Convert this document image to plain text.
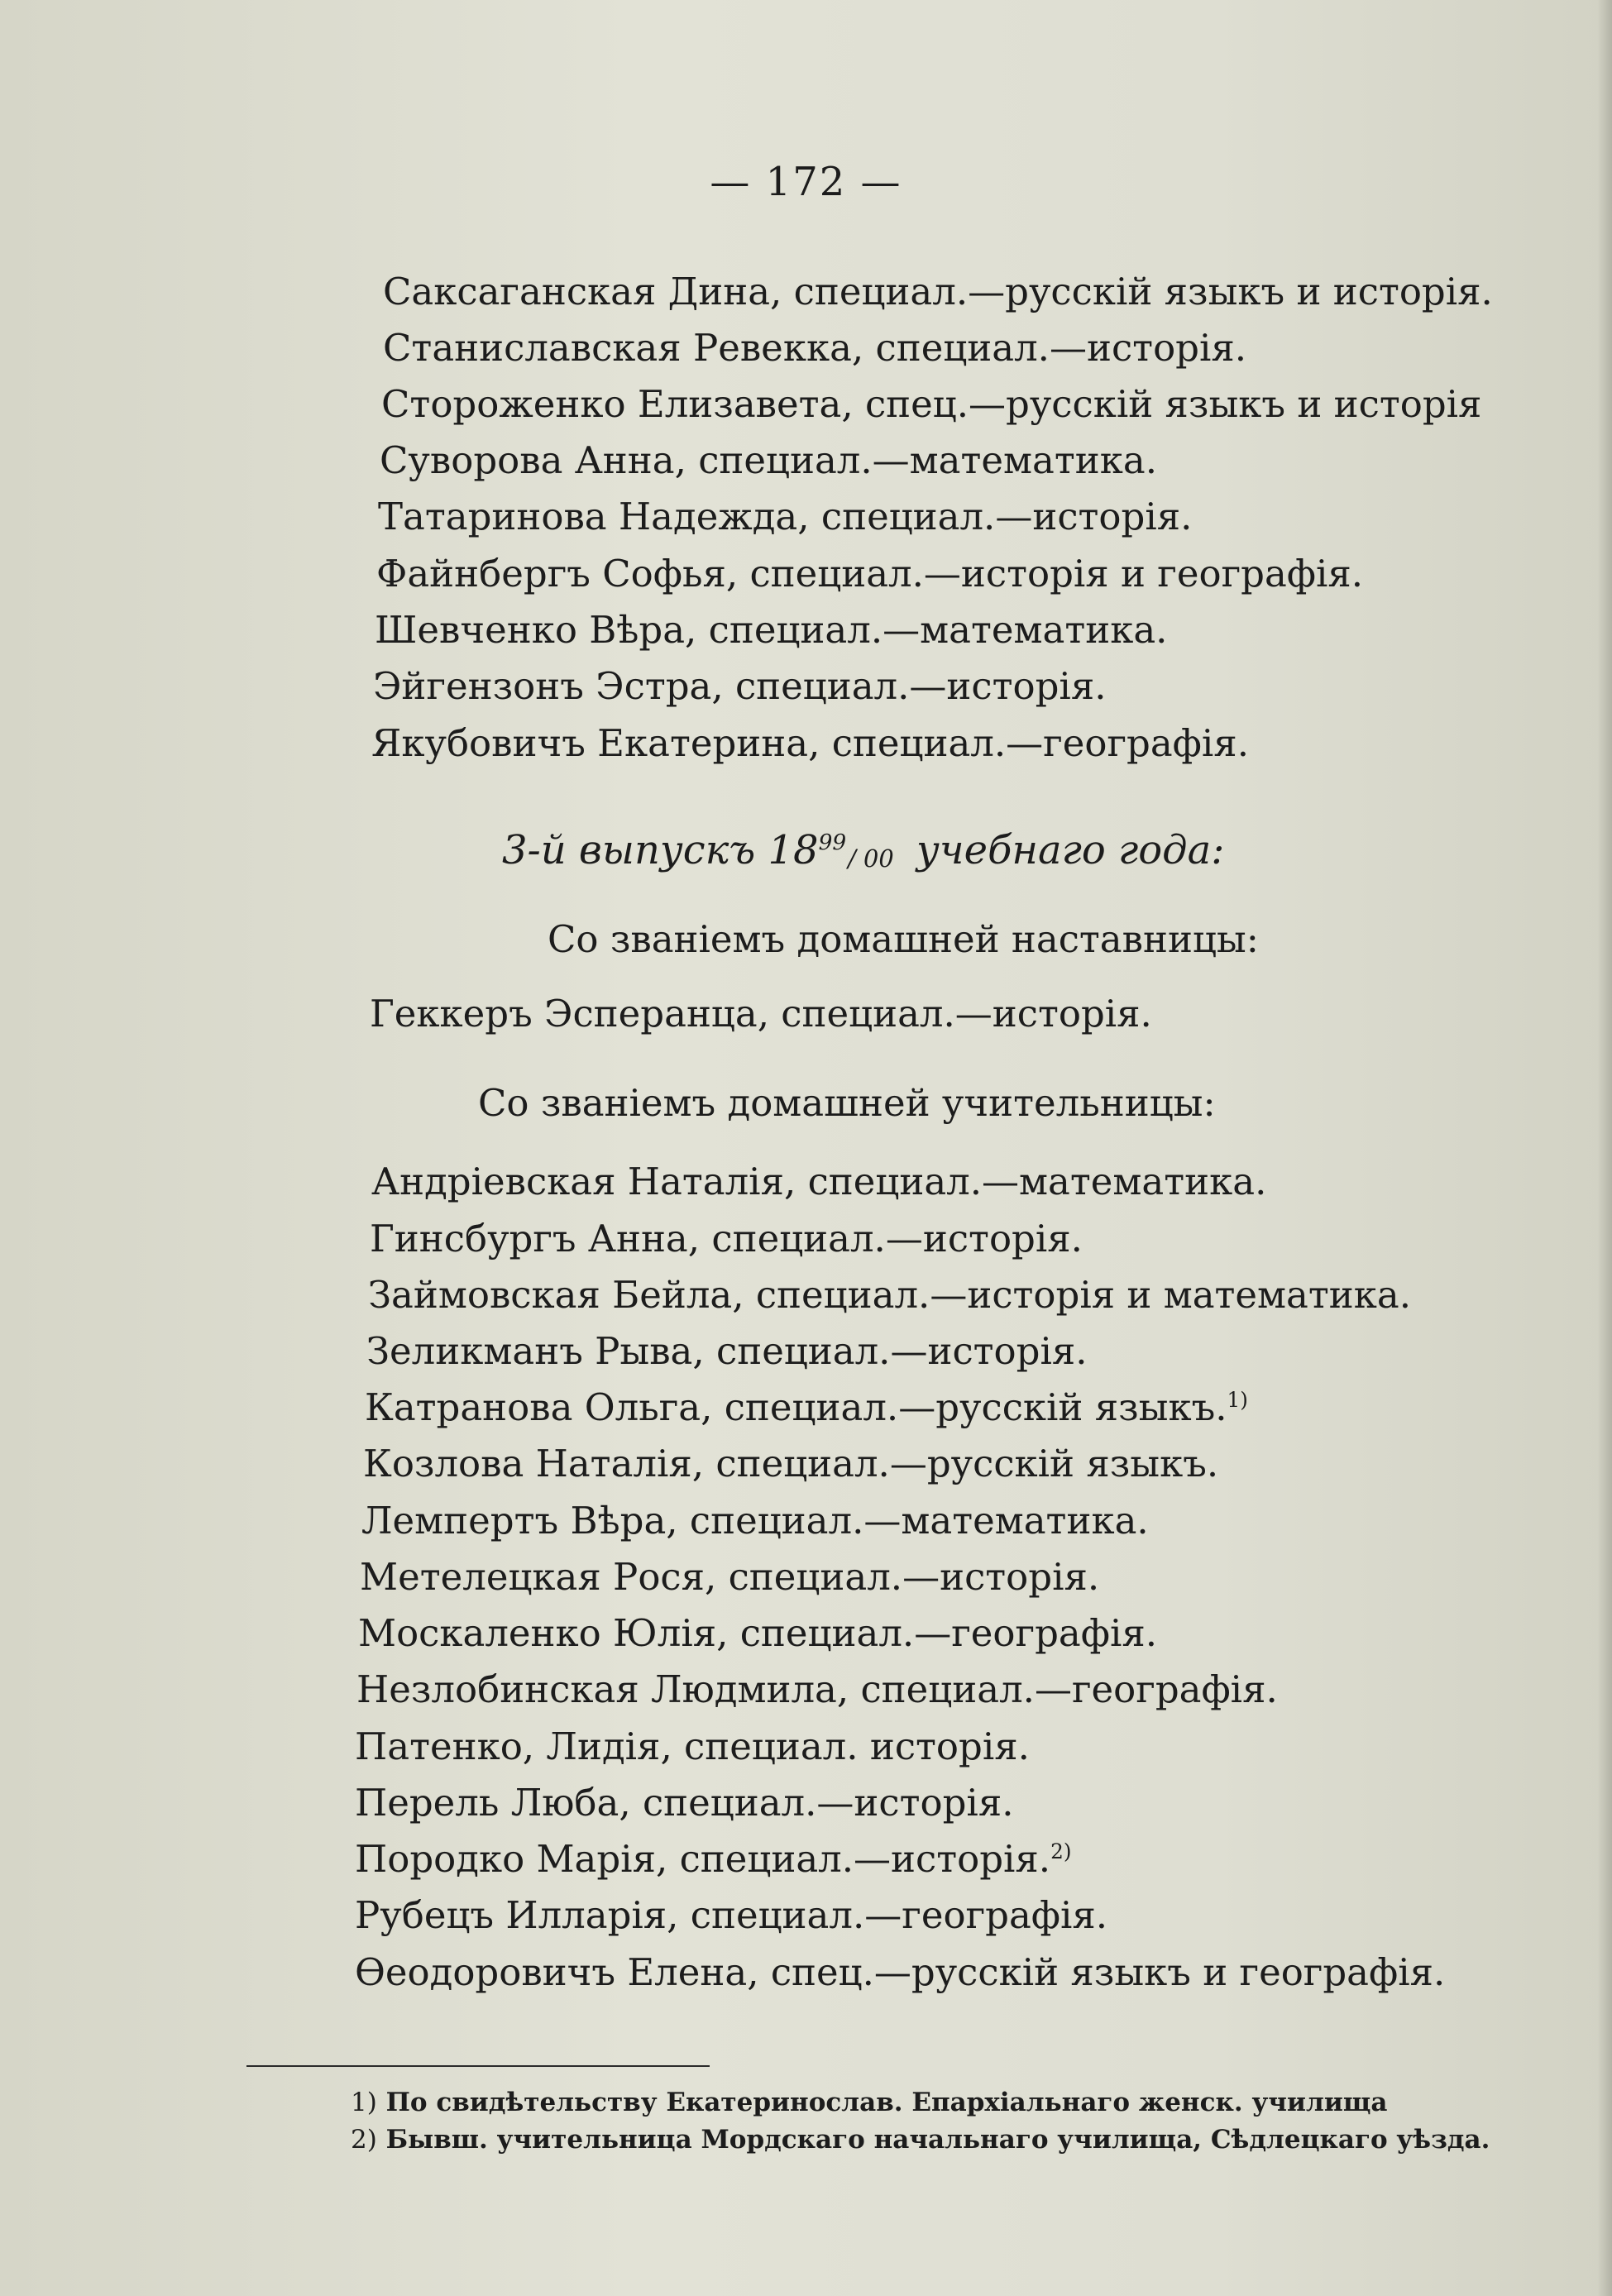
— 172 —
Саксаганская Дина, специал.—русскій языкъ и исторія.
Станиславская Ревекка, специал.—исторія.
Стороженко Елизавета, спец.—русскій языкъ и исторія
Суворова Анна, специал.—математика.
Татаринова Надежда, специал.—исторія.
Файнбергъ Софья, специал.—исторія и географія.
Шевченко Вѣра, специал.—математика.
Эйгензонъ Эстра, специал.—исторія.
Якубовичъ Екатерина, специал.—географія.
3-й выпускъ $18^{99}/$ 00 учебнаго года:
Со званіемъ домашней наставницы:
Геккеръ Эсперанца, специал.—исторія.
Со званіемъ домашней учительницы:
Андріевская Наталія, специал.—математика.
Гинсбургъ Анна, специал.—исторія.
Займовская Бейла, специал.—исторія и математика.
Зеликманъ Рыва, специал.—исторія.
Катранова Ольга, специал.—русскій языкъ.$^{1)}$
Козлова Наталія, специал.—русскій языкъ.
Лемпертъ Вѣра, специал.—математика.
Метелецкая Рося, специал.—исторія.
Москаленко Юлія, специал.—географія.
Незлобинская Людмила, специал.—географія.
Патенко, Лидія, специал. исторія.
Перель Люба, специал.—исторія.
Породко Марія, специал.—исторія.$^{2)}$
Рубецъ Илларія, специал.—географія.
Ѳеодоровичъ Елена, спец.—русскій языкъ и географія.
1) По свидѣтельству Екатеринослав. Епархіальнаго женск. училища
2) Бывш. учительница Мордскаго начальнаго училища, Сѣдлецкаго уѣзда.
